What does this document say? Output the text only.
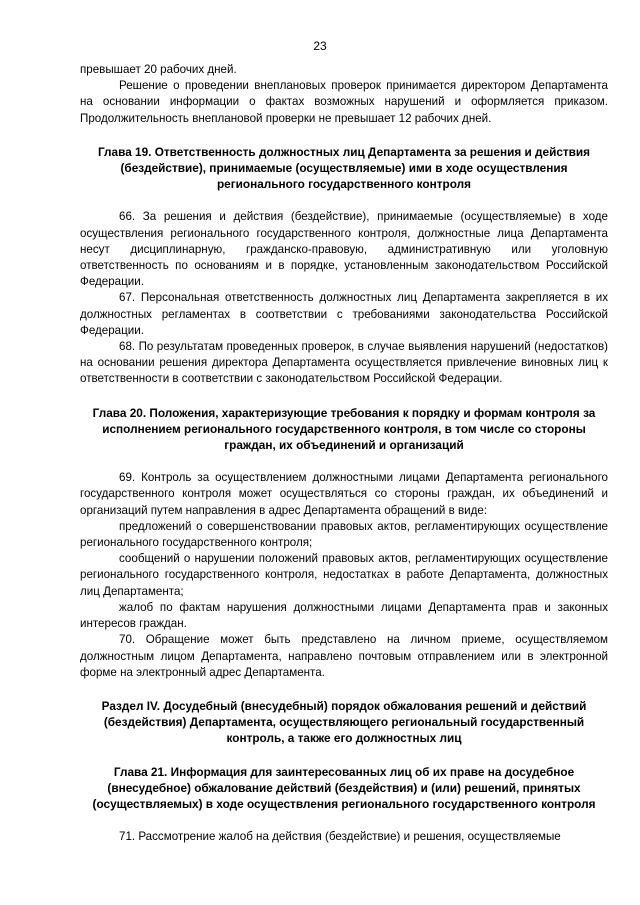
23

превышает 20 рабочих дней.

Решение о проведении внеплановых проверок принимается директором Департамента на основании информации о фактах возможных нарушений и оформляется приказом. Продолжительность внеплановой проверки не превышает 12 рабочих дней.

Глава 19. Ответственность должностных лиц Департамента за решения и действия (бездействие), принимаемые (осуществляемые) ими в ходе осуществления регионального государственного контроля

66. За решения и действия (бездействие), принимаемые (осуществляемые) в ходе осуществления регионального государственного контроля, должностные лица Департамента несут дисциплинарную, гражданско-правовую, административную или уголовную ответственность по основаниям и в порядке, установленным законодательством Российской Федерации.

67. Персональная ответственность должностных лиц Департамента закрепляется в их должностных регламентах в соответствии с требованиями законодательства Российской Федерации.

68. По результатам проведенных проверок, в случае выявления нарушений (недостатков) на основании решения директора Департамента осуществляется привлечение виновных лиц к ответственности в соответствии с законодательством Российской Федерации.

Глава 20. Положения, характеризующие требования к порядку и формам контроля за исполнением регионального государственного контроля, в том числе со стороны граждан, их объединений и организаций

69. Контроль за осуществлением должностными лицами Департамента регионального государственного контроля может осуществляться со стороны граждан, их объединений и организаций путем направления в адрес Департамента обращений в виде:

предложений о совершенствовании правовых актов, регламентирующих осуществление регионального государственного контроля;

сообщений о нарушении положений правовых актов, регламентирующих осуществление регионального государственного контроля, недостатках в работе Департамента, должностных лиц Департамента;

жалоб по фактам нарушения должностными лицами Департамента прав и законных интересов граждан.

70. Обращение может быть представлено на личном приеме, осуществляемом должностным лицом Департамента, направлено почтовым отправлением или в электронной форме на электронный адрес Департамента.

Раздел IV. Досудебный (внесудебный) порядок обжалования решений и действий (бездействия) Департамента, осуществляющего региональный государственный контроль, а также его должностных лиц
Глава 21. Информация для заинтересованных лиц об их праве на досудебное (внесудебное) обжалование действий (бездействия) и (или) решений, принятых (осуществляемых) в ходе осуществления регионального государственного контроля

71. Рассмотрение жалоб на действия (бездействие) и решения, осуществляемые
